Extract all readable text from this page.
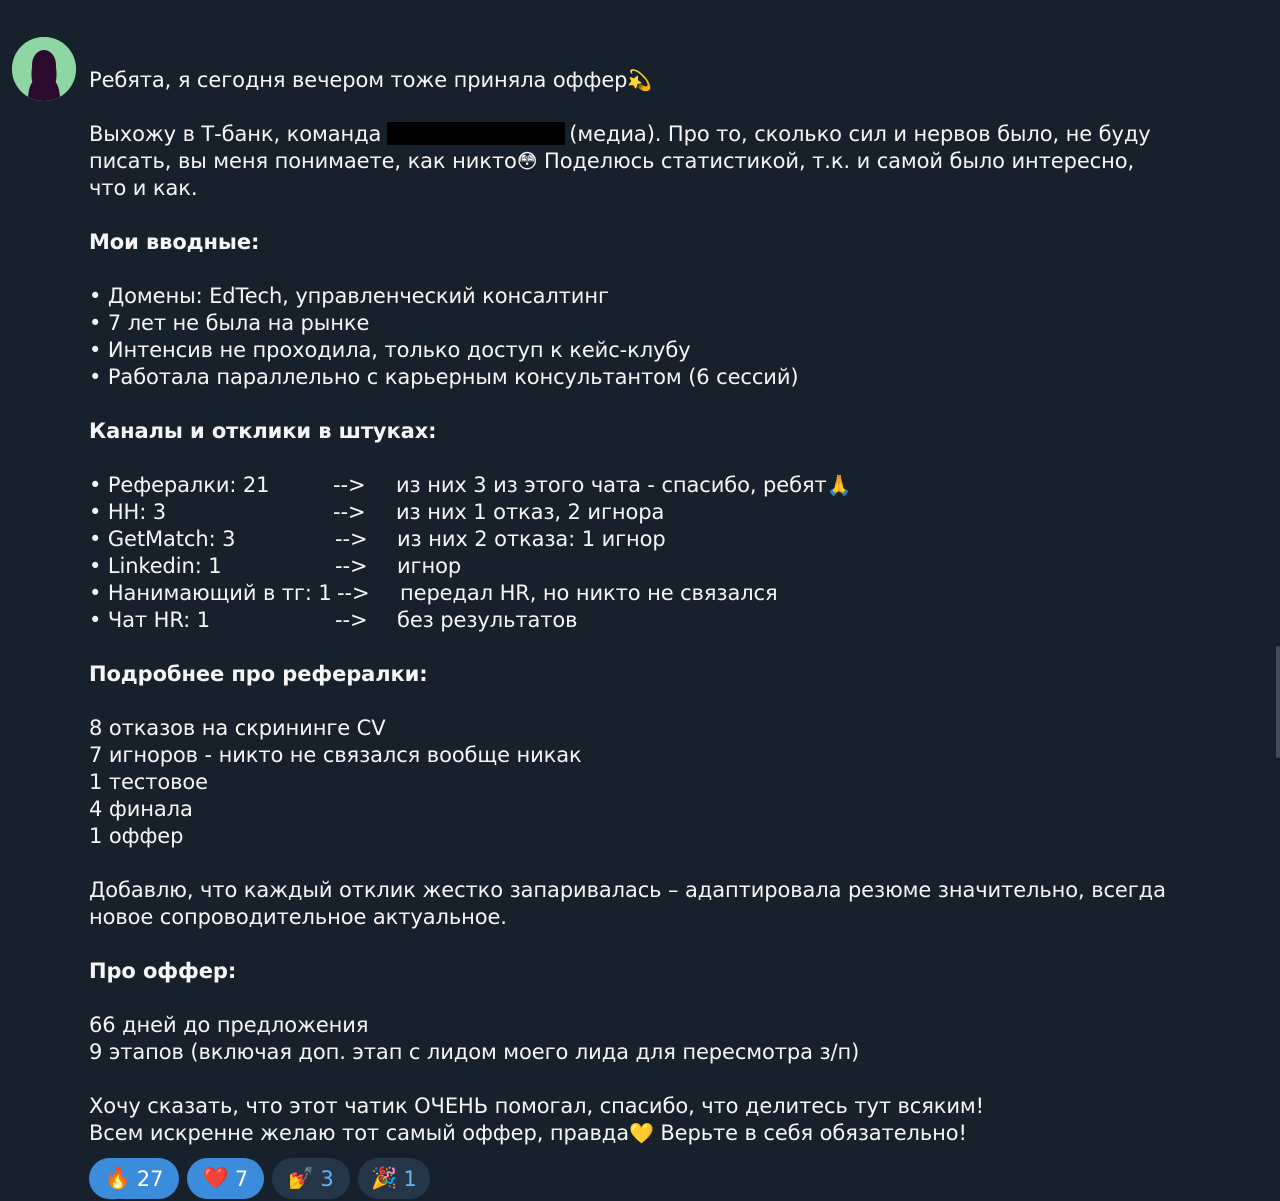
Ребята, я сегодня вечером тоже приняла оффер💫

Выхожу в Т-банк, команда	(медиа). Про то, сколько сил и нервов было, не буду

писать, вы меня понимаете, как никто😳 Поделюсь статистикой, т.к. и самой было интересно,

что и как.

Мои вводные:

• Домены: EdTech, управленческий консалтинг

• 7 лет не была на рынке

• Интенсив не проходила, только доступ к кейс-клубу

• Работала параллельно с карьерным консультантом (6 сессий)

Каналы и отклики в штуках:

• Рефералки: 21	-->	из них 3 из этого чата - спасибо, ребят 🙏
• HH: 3	-->	из них 1 отказ, 2 игнора
• GetMatch: 3	-->	из них 2 отказа: 1 игнор
• Linkedin: 1	-->	игнор
• Нанимающий в тг: 1 -->	передал HR, но никто не связался
• Чат HR: 1	-->	без результатов

Подробнее про рефералки:

8 отказов на скрининге CV

7 игноров - никто не связался вообще никак

1 тестовое

4 финала

1 оффер

Добавлю, что каждый отклик жестко запаривалась – адаптировала резюме значительно, всегда

новое сопроводительное актуальное.

Про оффер:

66 дней до предложения

9 этапов (включая доп. этап с лидом моего лида для пересмотра з/п)

Хочу сказать, что этот чатик ОЧЕНЬ помогал, спасибо, что делитесь тут всяким!

Всем искренне желаю тот самый оффер, правда💛 Верьте в себя обязательно!

🔥 27 ❤️ 7 💅 3 🎉 1
